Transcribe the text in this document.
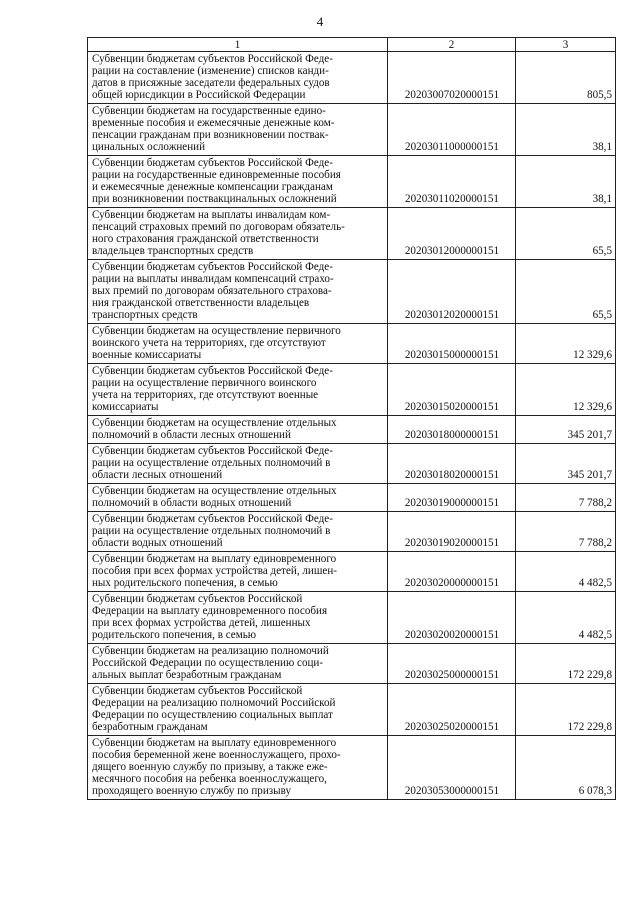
4
1	2	3
Субвенции бюджетам субъектов Российской Феде-
рации на составление (изменение) списков канди-
датов в присяжные заседатели федеральных судов
общей юрисдикции в Российской Федерации	20203007020000151	805,5
Субвенции бюджетам на государственные едино-
временные пособия и ежемесячные денежные ком-
пенсации гражданам при возникновении поствак-
цинальных осложнений	20203011000000151	38,1
Субвенции бюджетам субъектов Российской Феде-
рации на государственные единовременные пособия
и ежемесячные денежные компенсации гражданам
при возникновении поствакцинальных осложнений	20203011020000151	38,1
Субвенции бюджетам на выплаты инвалидам ком-
пенсаций страховых премий по договорам обязатель-
ного страхования гражданской ответственности
владельцев транспортных средств	20203012000000151	65,5
Субвенции бюджетам субъектов Российской Феде-
рации на выплаты инвалидам компенсаций страхо-
вых премий по договорам обязательного страхова-
ния гражданской ответственности владельцев
транспортных средств	20203012020000151	65,5
Субвенции бюджетам на осуществление первичного
воинского учета на территориях, где отсутствуют
военные комиссариаты	20203015000000151	12 329,6
Субвенции бюджетам субъектов Российской Феде-
рации на осуществление первичного воинского
учета на территориях, где отсутствуют военные
комиссариаты	20203015020000151	12 329,6
Субвенции бюджетам на осуществление отдельных
полномочий в области лесных отношений	20203018000000151	345 201,7
Субвенции бюджетам субъектов Российской Феде-
рации на осуществление отдельных полномочий в
области лесных отношений	20203018020000151	345 201,7
Субвенции бюджетам на осуществление отдельных
полномочий в области водных отношений	20203019000000151	7 788,2
Субвенции бюджетам субъектов Российской Феде-
рации на осуществление отдельных полномочий в
области водных отношений	20203019020000151	7 788,2
Субвенции бюджетам на выплату единовременного
пособия при всех формах устройства детей, лишен-
ных родительского попечения, в семью	20203020000000151	4 482,5
Субвенции бюджетам субъектов Российской
Федерации на выплату единовременного пособия
при всех формах устройства детей, лишенных
родительского попечения, в семью	20203020020000151	4 482,5
Субвенции бюджетам на реализацию полномочий
Российской Федерации по осуществлению соци-
альных выплат безработным гражданам	20203025000000151	172 229,8
Субвенции бюджетам субъектов Российской
Федерации на реализацию полномочий Российской
Федерации по осуществлению социальных выплат
безработным гражданам	20203025020000151	172 229,8
Субвенции бюджетам на выплату единовременного
пособия беременной жене военнослужащего, прохо-
дящего военную службу по призыву, а также еже-
месячного пособия на ребенка военнослужащего,
проходящего военную службу по призыву	20203053000000151	6 078,3
